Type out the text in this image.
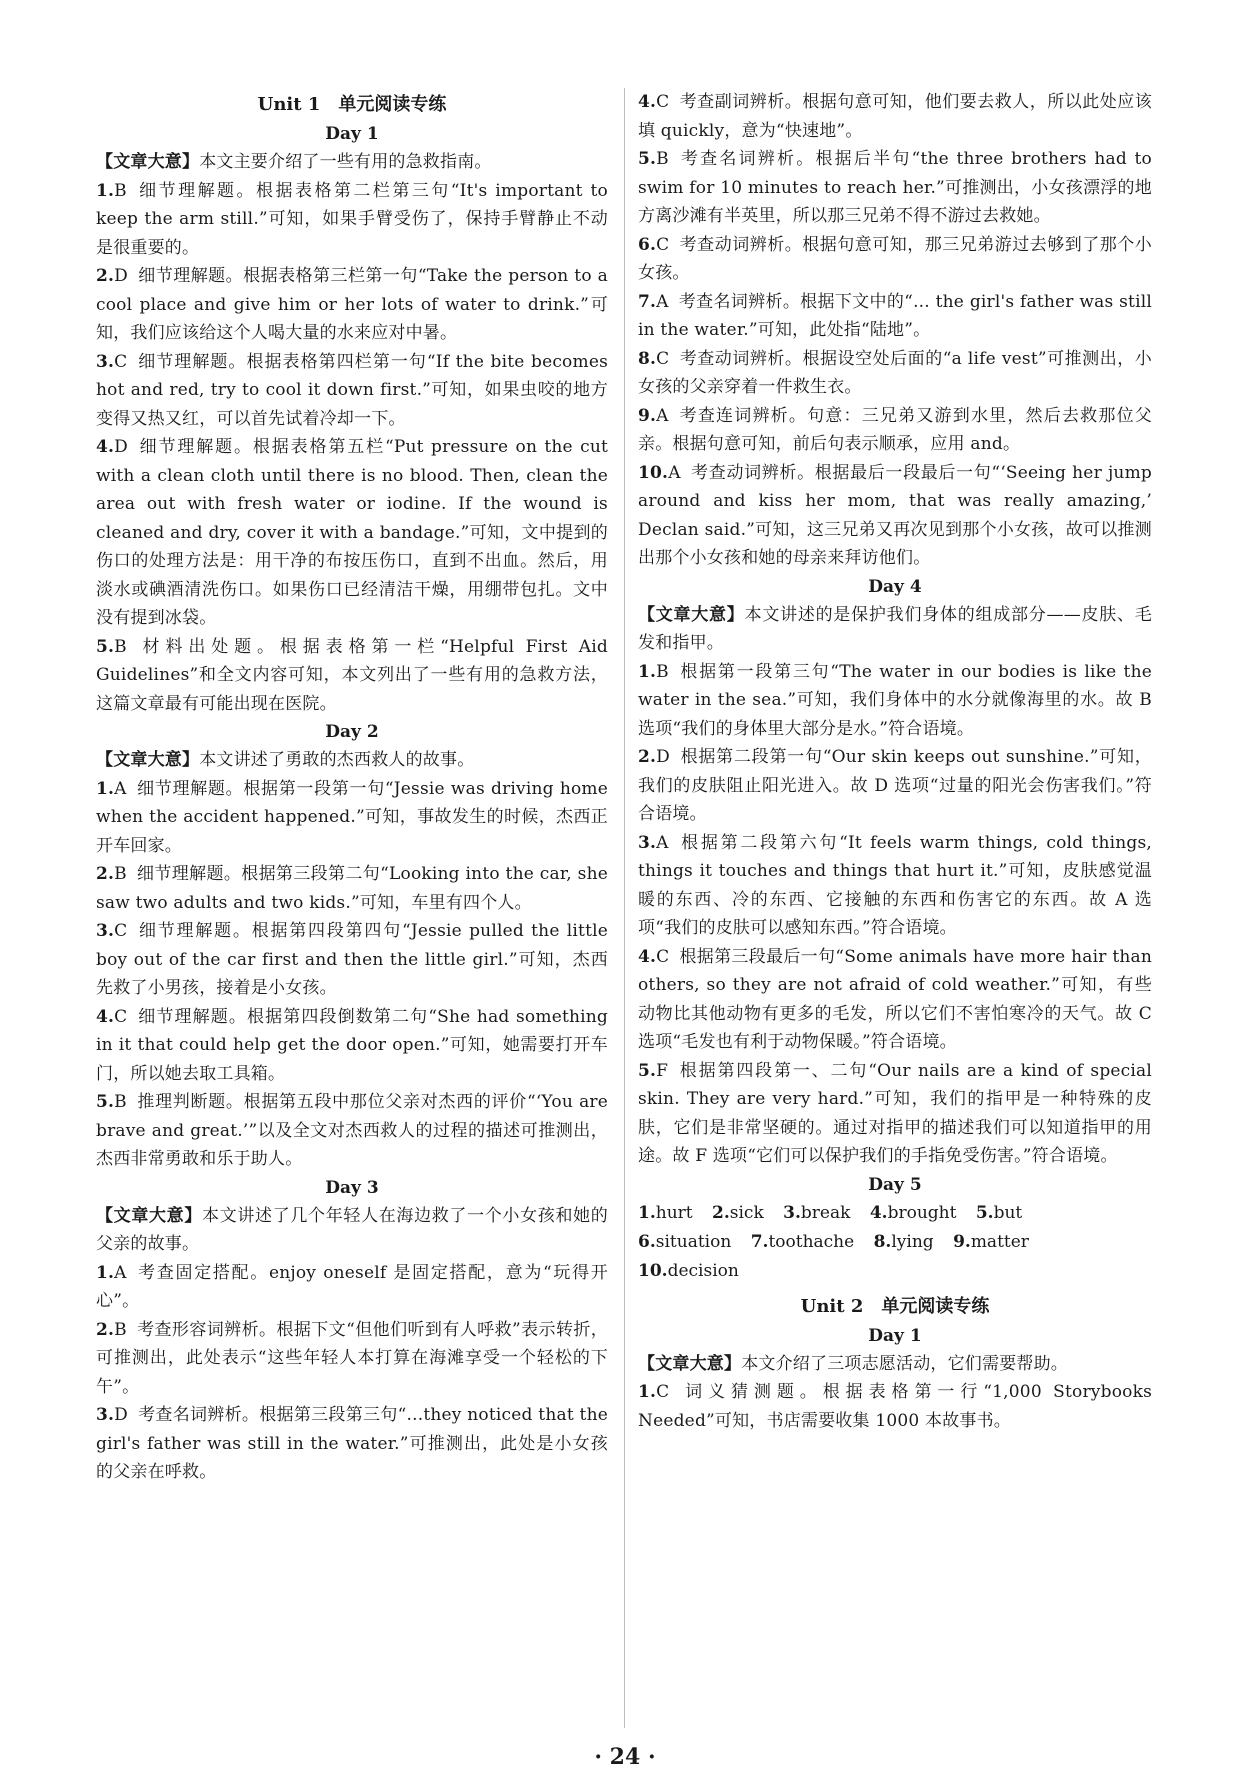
Unit 1　单元阅读专练
Day 1

【文章大意】本文主要介绍了一些有用的急救指南。

1.B 细节理解题。根据表格第二栏第三句“It's important to keep the arm still.”可知，如果手臂受伤了，保持手臂静止不动是很重要的。

2.D 细节理解题。根据表格第三栏第一句“Take the person to a cool place and give him or her lots of water to drink.”可知，我们应该给这个人喝大量的水来应对中暑。

3.C 细节理解题。根据表格第四栏第一句“If the bite becomes hot and red, try to cool it down first.”可知，如果虫咬的地方变得又热又红，可以首先试着冷却一下。

4.D 细节理解题。根据表格第五栏“Put pressure on the cut with a clean cloth until there is no blood. Then, clean the area out with fresh water or iodine. If the wound is cleaned and dry, cover it with a bandage.”可知，文中提到的伤口的处理方法是：用干净的布按压伤口，直到不出血。然后，用淡水或碘酒清洗伤口。如果伤口已经清洁干燥，用绷带包扎。文中没有提到冰袋。

5.B 材料出处题。根据表格第一栏“Helpful First Aid Guidelines”和全文内容可知，本文列出了一些有用的急救方法，这篇文章最有可能出现在医院。

Day 2

【文章大意】本文讲述了勇敢的杰西救人的故事。

1.A 细节理解题。根据第一段第一句“Jessie was driving home when the accident happened.”可知，事故发生的时候，杰西正开车回家。

2.B 细节理解题。根据第三段第二句“Looking into the car, she saw two adults and two kids.”可知，车里有四个人。

3.C 细节理解题。根据第四段第四句“Jessie pulled the little boy out of the car first and then the little girl.”可知，杰西先救了小男孩，接着是小女孩。

4.C 细节理解题。根据第四段倒数第二句“She had something in it that could help get the door open.”可知，她需要打开车门，所以她去取工具箱。

5.B 推理判断题。根据第五段中那位父亲对杰西的评价“‘You are brave and great.’”以及全文对杰西救人的过程的描述可推测出，杰西非常勇敢和乐于助人。

Day 3

【文章大意】本文讲述了几个年轻人在海边救了一个小女孩和她的父亲的故事。

1.A 考查固定搭配。enjoy oneself 是固定搭配，意为“玩得开心”。

2.B 考查形容词辨析。根据下文“但他们听到有人呼救”表示转折，可推测出，此处表示“这些年轻人本打算在海滩享受一个轻松的下午”。

3.D 考查名词辨析。根据第三段第三句“...they noticed that the girl's father was still in the water.”可推测出，此处是小女孩的父亲在呼救。

4.C 考查副词辨析。根据句意可知，他们要去救人，所以此处应该填 quickly，意为“快速地”。

5.B 考查名词辨析。根据后半句“the three brothers had to swim for 10 minutes to reach her.”可推测出，小女孩漂浮的地方离沙滩有半英里，所以那三兄弟不得不游过去救她。

6.C 考查动词辨析。根据句意可知，那三兄弟游过去够到了那个小女孩。

7.A 考查名词辨析。根据下文中的“... the girl's father was still in the water.”可知，此处指“陆地”。

8.C 考查动词辨析。根据设空处后面的“a life vest”可推测出，小女孩的父亲穿着一件救生衣。

9.A 考查连词辨析。句意：三兄弟又游到水里，然后去救那位父亲。根据句意可知，前后句表示顺承，应用 and。

10.A 考查动词辨析。根据最后一段最后一句“‘Seeing her jump around and kiss her mom, that was really amazing,’ Declan said.”可知，这三兄弟又再次见到那个小女孩，故可以推测出那个小女孩和她的母亲来拜访他们。

Day 4

【文章大意】本文讲述的是保护我们身体的组成部分——皮肤、毛发和指甲。

1.B 根据第一段第三句“The water in our bodies is like the water in the sea.”可知，我们身体中的水分就像海里的水。故 B 选项“我们的身体里大部分是水。”符合语境。

2.D 根据第二段第一句“Our skin keeps out sunshine.”可知，我们的皮肤阻止阳光进入。故 D 选项“过量的阳光会伤害我们。”符合语境。

3.A 根据第二段第六句“It feels warm things, cold things, things it touches and things that hurt it.”可知，皮肤感觉温暖的东西、冷的东西、它接触的东西和伤害它的东西。故 A 选项“我们的皮肤可以感知东西。”符合语境。

4.C 根据第三段最后一句“Some animals have more hair than others, so they are not afraid of cold weather.”可知，有些动物比其他动物有更多的毛发，所以它们不害怕寒冷的天气。故 C 选项“毛发也有利于动物保暖。”符合语境。

5.F 根据第四段第一、二句“Our nails are a kind of special skin. They are very hard.”可知，我们的指甲是一种特殊的皮肤，它们是非常坚硬的。通过对指甲的描述我们可以知道指甲的用途。故 F 选项“它们可以保护我们的手指免受伤害。”符合语境。

Day 5

1.hurt 2.sick 3.break 4.brought 5.but

6.situation 7.toothache 8.lying 9.matter

10.decision

Unit 2　单元阅读专练
Day 1

【文章大意】本文介绍了三项志愿活动，它们需要帮助。

1.C 词义猜测题。根据表格第一行“1,000 Storybooks Needed”可知，书店需要收集 1000 本故事书。

· 24 ·
